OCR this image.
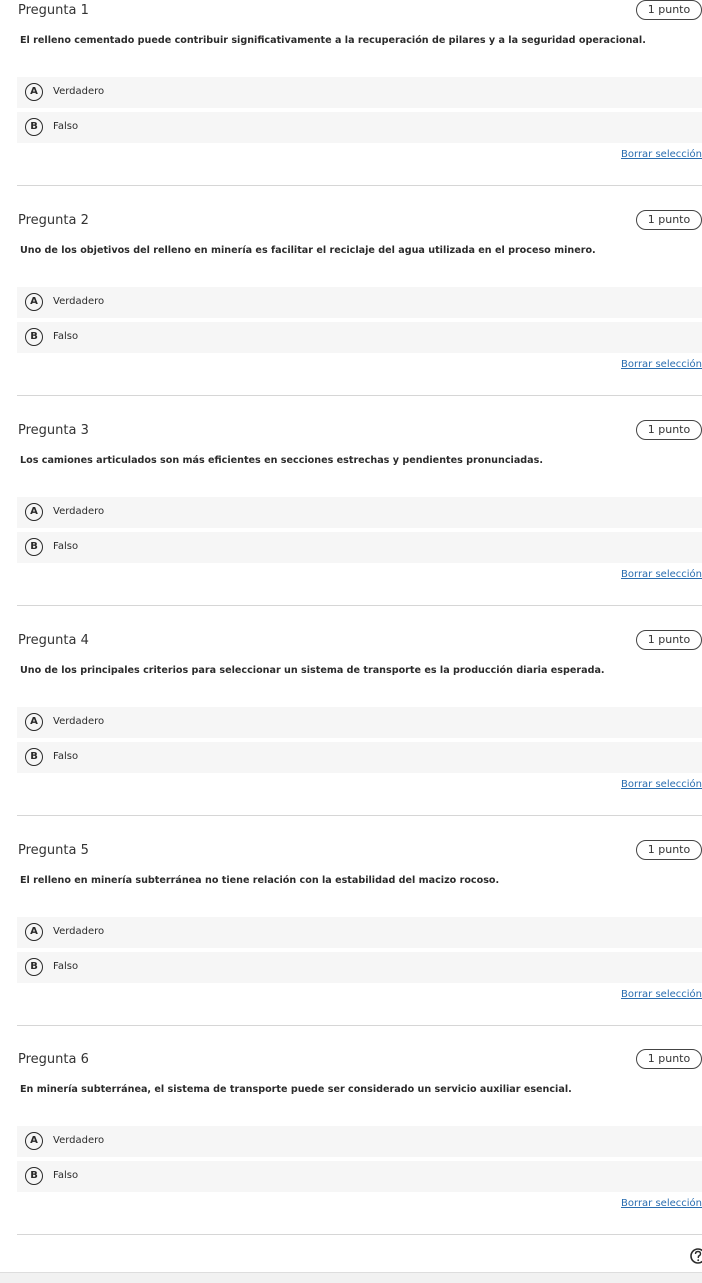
Pregunta 1	1 punto
El relleno cementado puede contribuir significativamente a la recuperación de pilares y a la seguridad operacional.
A	Verdadero
B	Falso
Borrar selección
Pregunta 2	1 punto
Uno de los objetivos del relleno en minería es facilitar el reciclaje del agua utilizada en el proceso minero.
A	Verdadero
B	Falso
Borrar selección
Pregunta 3	1 punto
Los camiones articulados son más eficientes en secciones estrechas y pendientes pronunciadas.
A	Verdadero
B	Falso
Borrar selección
Pregunta 4	1 punto
Uno de los principales criterios para seleccionar un sistema de transporte es la producción diaria esperada.
A	Verdadero
B	Falso
Borrar selección
Pregunta 5	1 punto
El relleno en minería subterránea no tiene relación con la estabilidad del macizo rocoso.
A	Verdadero
B	Falso
Borrar selección
Pregunta 6	1 punto
En minería subterránea, el sistema de transporte puede ser considerado un servicio auxiliar esencial.
A	Verdadero
B	Falso
Borrar selección
